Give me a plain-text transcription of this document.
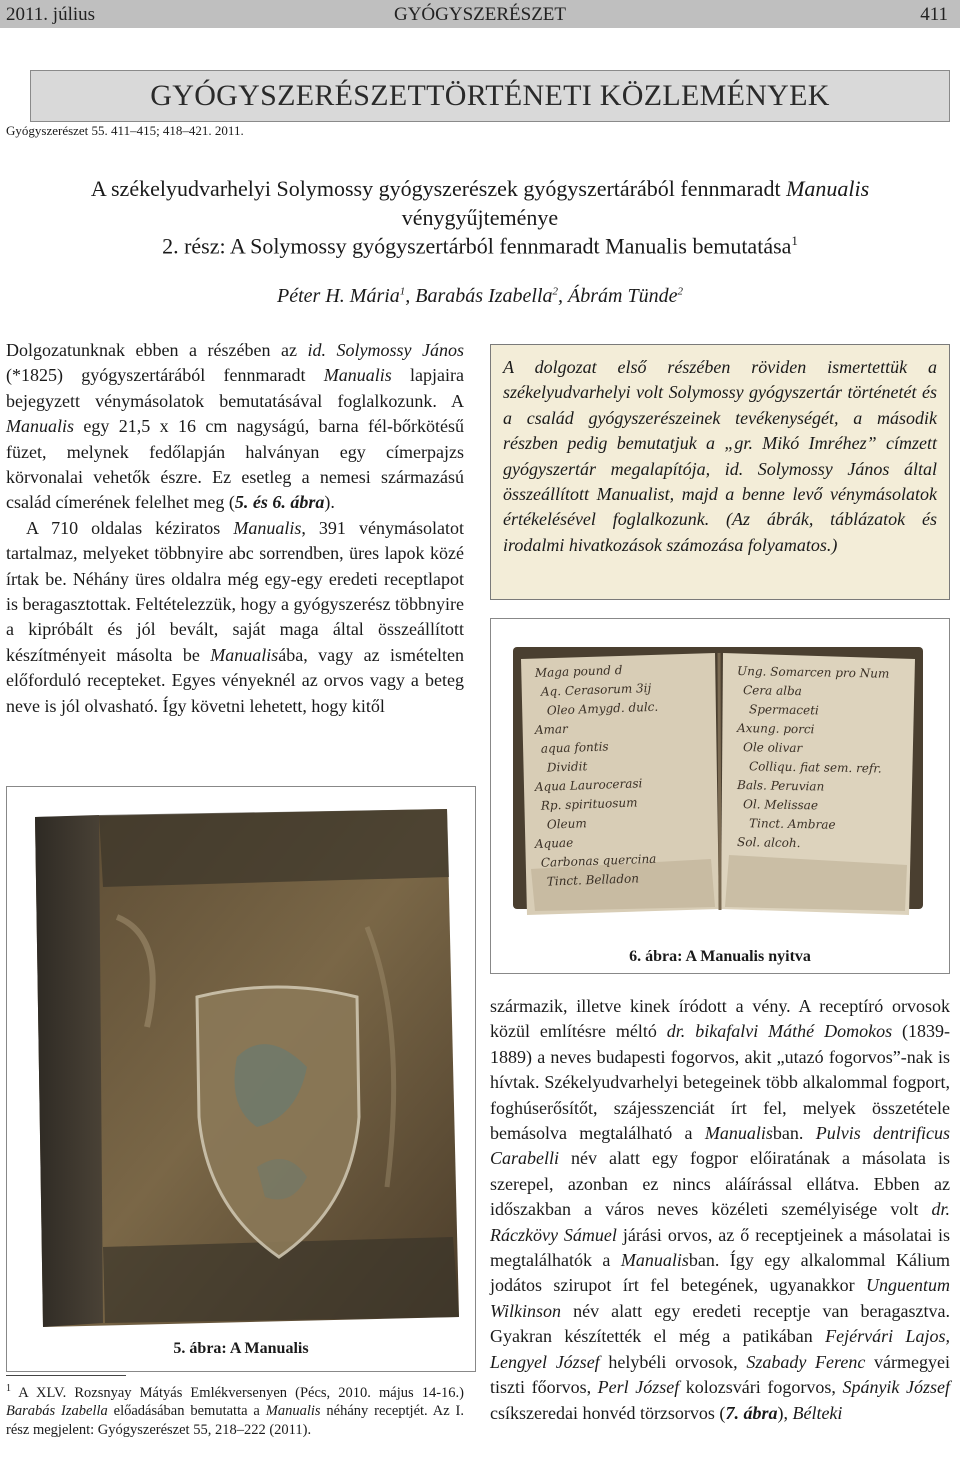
2011. július	GYÓGYSZERÉSZET	411
GYÓGYSZERÉSZETTÖRTÉNETI KÖZLEMÉNYEK
Gyógyszerészet 55. 411–415; 418–421. 2011.
A székelyudvarhelyi Solymossy gyógyszerészek gyógyszertárából fennmaradt Manualis
vénygyűjteménye
2. rész: A Solymossy gyógyszertárból fennmaradt Manualis bemutatása$^1$
Péter H. Mária$^1$, Barabás Izabella$^2$, Ábrám Tünde$^2$

Dolgozatunknak ebben a részében az id. Solymossy János (*1825) gyógyszertárából fennmaradt Manualis lapjaira bejegyzett vénymásolatok bemutatásával foglalkozunk. A Manualis egy 21,5 x 16 cm nagyságú, barna fél-bőrkötésű füzet, melynek fedőlapján halványan egy címerpajzs körvonalai vehetők észre. Ez esetleg a nemesi származású család címerének felelhet meg (5. és 6. ábra).

A 710 oldalas kéziratos Manualis, 391 vénymásolatot tartalmaz, melyeket többnyire abc sorrendben, üres lapok közé írtak be. Néhány üres oldalra még egy-egy eredeti receptlapot is beragasztottak. Feltételezzük, hogy a gyógyszerész többnyire a kipróbált és jól bevált, saját maga által összeállított készítményeit másolta be Manualisába, vagy az ismételten előforduló recepteket. Egyes vényeknél az orvos vagy a beteg neve is jól olvasható. Így követni lehetett, hogy kitől

A dolgozat első részében röviden ismertettük a székelyudvarhelyi volt Solymossy gyógyszertár történetét és a család gyógyszerészeinek tevékenységét, a második részben pedig bemutatjuk a „gr. Mikó Imréhez” címzett gyógyszertár megalapítója, id. Solymossy János által összeállított Manualist, majd a benne levő vénymásolatok értékelésével foglalkozunk. (Az ábrák, táblázatok és irodalmi hivatkozások számozása folyamatos.)
Maga pound d
Aq. Cerasorum 3ij
Oleo Amygd. dulc.
Amar
aqua fontis
Dividit
Aqua Laurocerasi
Rp. spirituosum
Oleum
Aquae
Carbonas quercina
Tinct. Belladon
Ung. Somarcen pro Num
Cera alba
Spermaceti
Axung. porci
Ole olivar
Colliqu. fiat sem. refr.
Bals. Peruvian
Ol. Melissae
Tinct. Ambrae
Sol. alcoh.
6. ábra: A Manualis nyitva
5. ábra: A Manualis
$^1$ A XLV. Rozsnyay Mátyás Emlékversenyen (Pécs, 2010. május 14-16.) Barabás Izabella előadásában bemutatta a Manualis néhány receptjét. Az I. rész megjelent: Gyógyszerészet 55, 218–222 (2011).

származik, illetve kinek íródott a vény. A receptíró orvosok közül említésre méltó dr. bikafalvi Máthé Domokos (1839-1889) a neves budapesti fogorvos, akit „utazó fogorvos”-nak is hívtak. Székelyudvarhelyi betegeinek több alkalommal fogport, foghúserősítőt, szájesszenciát írt fel, melyek összetétele bemásolva megtalálható a Manualisban. Pulvis dentrificus Carabelli név alatt egy fogpor előiratának a másolata is szerepel, azonban ez nincs aláírással ellátva. Ebben az időszakban a város neves közéleti személyisége volt dr. Ráczkövy Sámuel járási orvos, az ő receptjeinek a másolatai is megtalálhatók a Manualisban. Így egy alkalommal Kálium jodátos szirupot írt fel betegének, ugyanakkor Unguentum Wilkinson név alatt egy eredeti receptje van beragasztva. Gyakran készítették el még a patikában Fejérvári Lajos, Lengyel József helybéli orvosok, Szabady Ferenc vármegyei tiszti főorvos, Perl József kolozsvári fogorvos, Spányik József csíkszeredai honvéd törzsorvos (7. ábra), Bélteki
